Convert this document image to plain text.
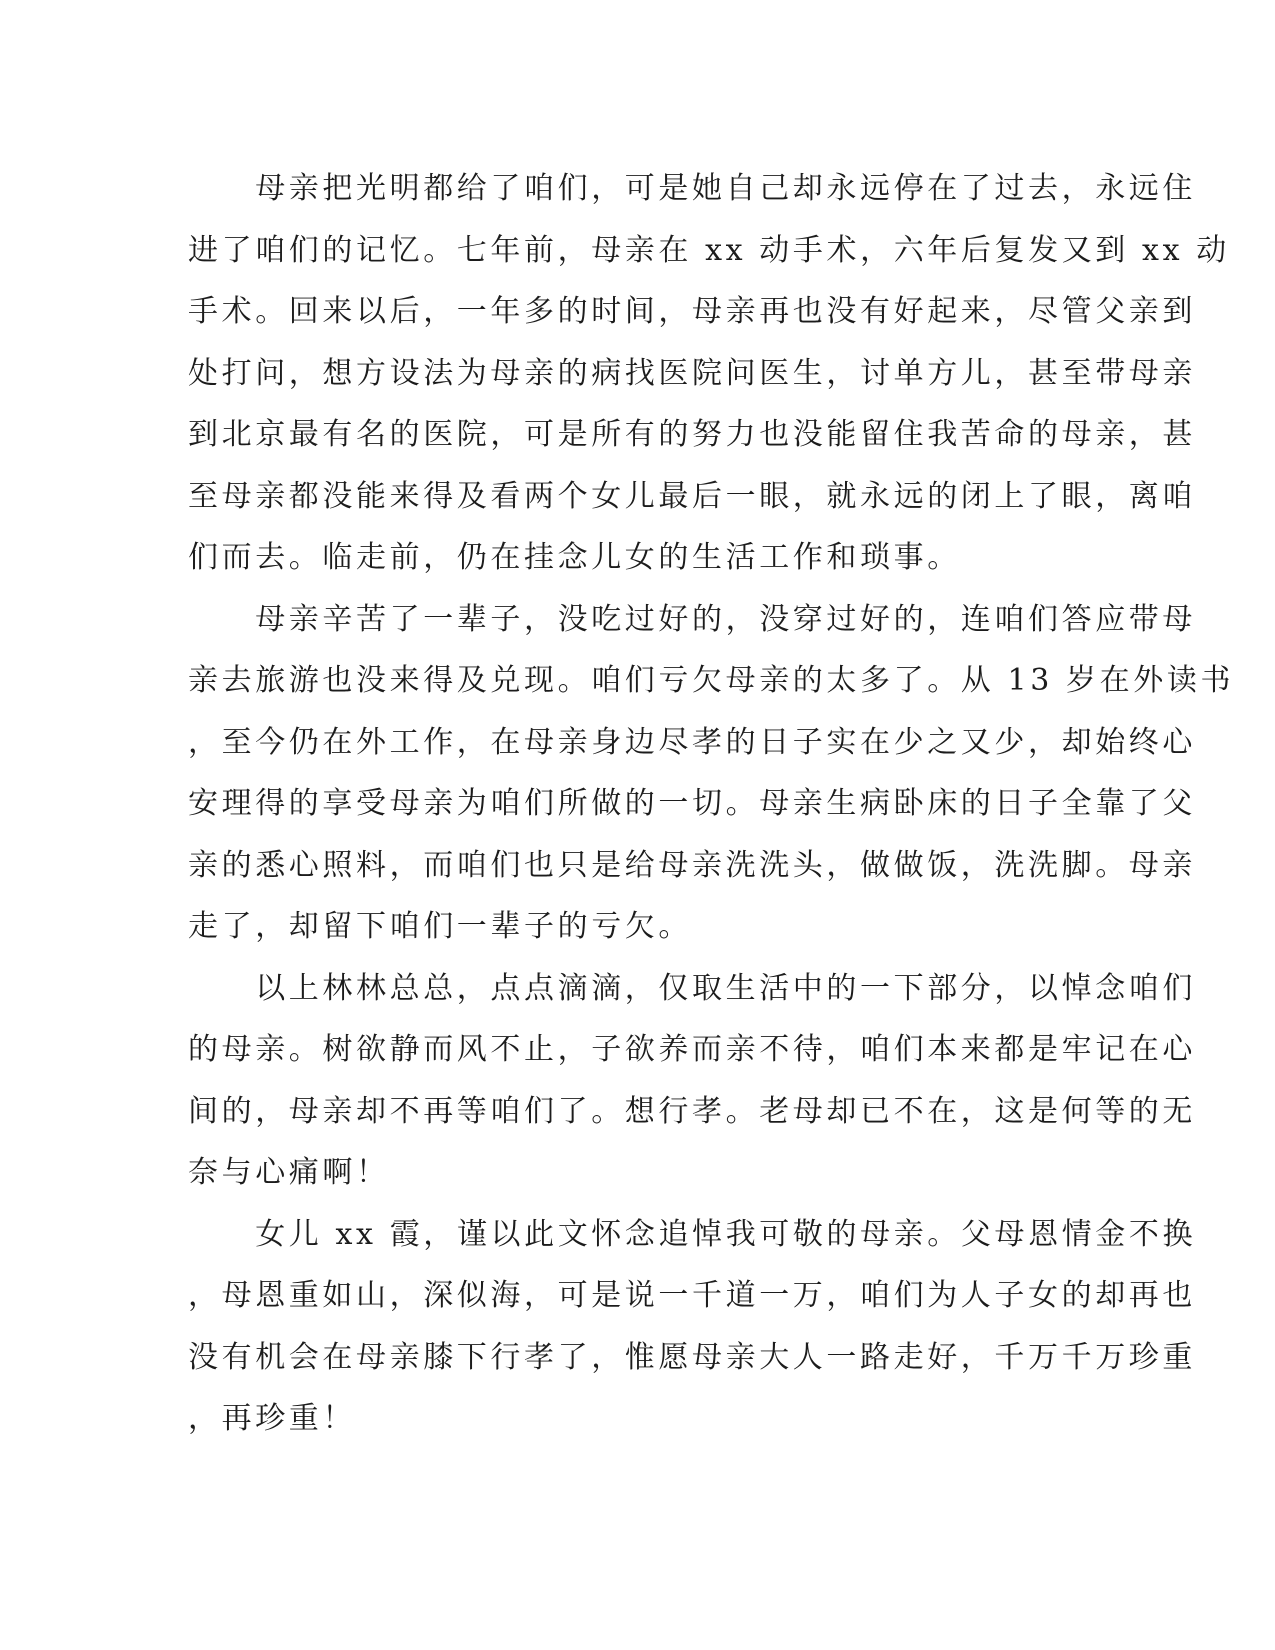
　　母亲把光明都给了咱们，可是她自己却永远停在了过去，永远住
进了咱们的记忆。七年前，母亲在 xx 动手术，六年后复发又到 xx 动
手术。回来以后，一年多的时间，母亲再也没有好起来，尽管父亲到
处打问，想方设法为母亲的病找医院问医生，讨单方儿，甚至带母亲
到北京最有名的医院，可是所有的努力也没能留住我苦命的母亲，甚
至母亲都没能来得及看两个女儿最后一眼，就永远的闭上了眼，离咱
们而去。临走前，仍在挂念儿女的生活工作和琐事。

　　母亲辛苦了一辈子，没吃过好的，没穿过好的，连咱们答应带母
亲去旅游也没来得及兑现。咱们亏欠母亲的太多了。从 13 岁在外读书
，至今仍在外工作，在母亲身边尽孝的日子实在少之又少，却始终心
安理得的享受母亲为咱们所做的一切。母亲生病卧床的日子全靠了父
亲的悉心照料，而咱们也只是给母亲洗洗头，做做饭，洗洗脚。母亲
走了，却留下咱们一辈子的亏欠。

　　以上林林总总，点点滴滴，仅取生活中的一下部分，以悼念咱们
的母亲。树欲静而风不止，子欲养而亲不待，咱们本来都是牢记在心
间的，母亲却不再等咱们了。想行孝。老母却已不在，这是何等的无
奈与心痛啊！

　　女儿 xx 霞，谨以此文怀念追悼我可敬的母亲。父母恩情金不换
，母恩重如山，深似海，可是说一千道一万，咱们为人子女的却再也
没有机会在母亲膝下行孝了，惟愿母亲大人一路走好，千万千万珍重
，再珍重！
